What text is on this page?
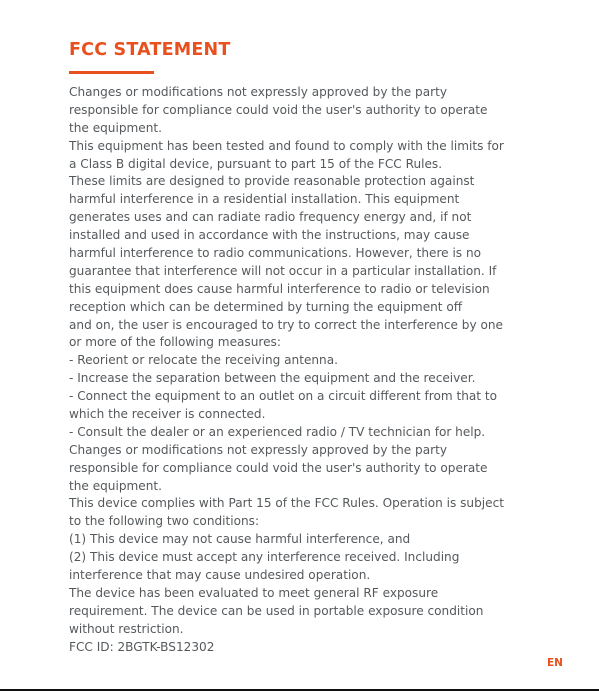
FCC STATEMENT
Changes or modifications not expressly approved by the party
responsible for compliance could void the user's authority to operate
the equipment.
This equipment has been tested and found to comply with the limits for
a Class B digital device, pursuant to part 15 of the FCC Rules.
These limits are designed to provide reasonable protection against
harmful interference in a residential installation. This equipment
generates uses and can radiate radio frequency energy and, if not
installed and used in accordance with the instructions, may cause
harmful interference to radio communications. However, there is no
guarantee that interference will not occur in a particular installation. If
this equipment does cause harmful interference to radio or television
reception which can be determined by turning the equipment off
and on, the user is encouraged to try to correct the interference by one
or more of the following measures:
- Reorient or relocate the receiving antenna.
- Increase the separation between the equipment and the receiver.
- Connect the equipment to an outlet on a circuit different from that to
which the receiver is connected.
- Consult the dealer or an experienced radio / TV technician for help.
Changes or modifications not expressly approved by the party
responsible for compliance could void the user's authority to operate
the equipment.
This device complies with Part 15 of the FCC Rules. Operation is subject
to the following two conditions:
(1) This device may not cause harmful interference, and
(2) This device must accept any interference received. Including
interference that may cause undesired operation.
The device has been evaluated to meet general RF exposure
requirement. The device can be used in portable exposure condition
without restriction.
FCC ID: 2BGTK-BS12302
EN
